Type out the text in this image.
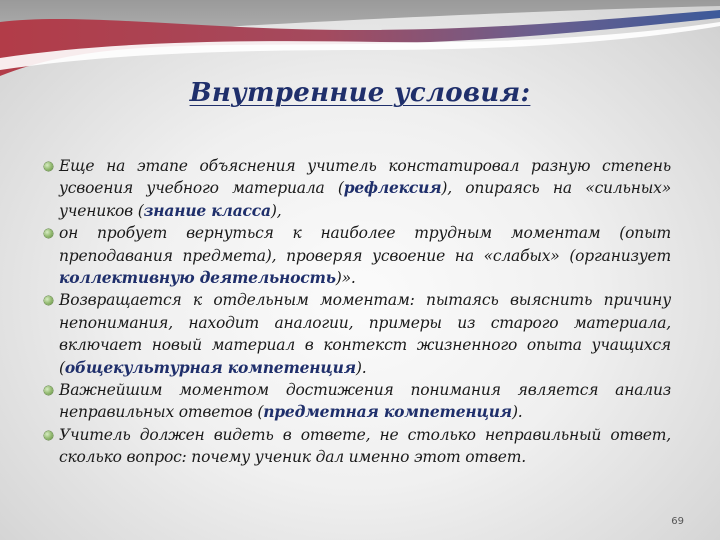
Внутренние условия:
Еще на этапе объяснения учитель констатировал разную степень усвоения учебного материала (рефлексия), опираясь на «сильных» учеников (знание класса),
он пробует вернуться к наиболее трудным моментам (опыт преподавания предмета), проверяя усвоение на «слабых» (организует коллективную деятельность)».
Возвращается к отдельным моментам: пытаясь выяснить причину непонимания, находит аналогии, примеры из старого материала, включает новый материал в контекст жизненного опыта учащихся (общекультурная компетенция).
Важнейшим моментом достижения понимания является анализ неправильных ответов (предметная компетенция).
Учитель должен видеть в ответе, не столько неправильный ответ, сколько вопрос: почему ученик дал именно этот ответ.
69
